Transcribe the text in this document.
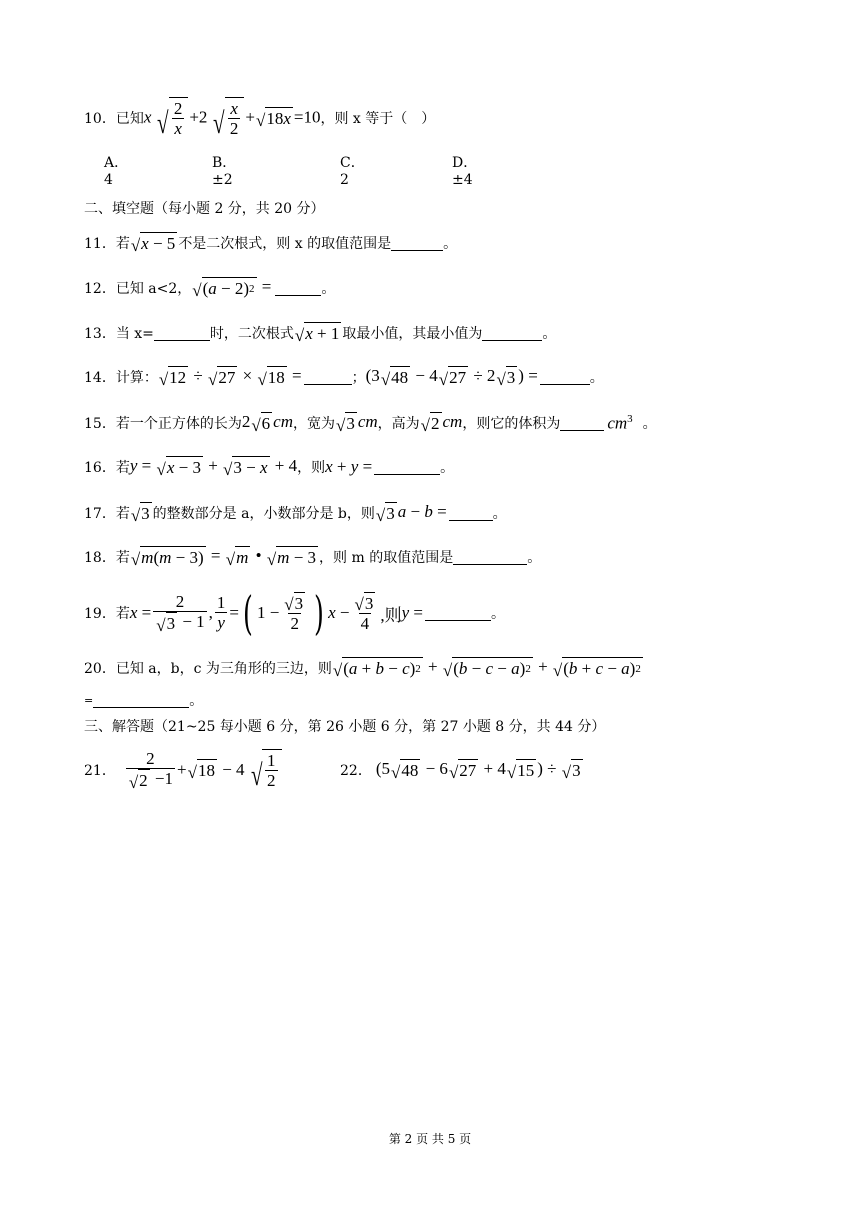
10．已知 x √ $\frac{2}{x} +2$ √ $\frac{x}{2}$ + √ 18 x =10 ，则 x 等于（　）
A．4
B．±2
C．2
D．±4
二、填空题（每小题 2 分，共 20 分）
11．若 √ x − 5 不是二次根式，则 x 的取值范围是	。
12．已知 a<2， √ ( a − 2) 2 =	。
13．当 x=	时，二次根式 √ x + 1 取最小值，其最小值为	。
14．计算： √ 12 ÷ √ 27 × √ 18 =	； (3 √ 48 − 4 √ 27 ÷ 2 √ 3 ) =	。
15．若一个正方体的长为 2 √ 6 cm ，宽为 √ 3 cm ，高为 √ 2 cm ，则它的体积为	$cm^3$ 。
16．若 y = √ x − 3 + √ 3 − x + 4 ，则 x + y =	。
17．若 √ 3 的整数部分是 a，小数部分是 b，则 √ 3 a − b =	。
18．若 √ m ( m − 3) = √ m • √ m − 3 ，则 m 的取值范围是	。
19．若 $x = \frac{2}{√ 3 - 1}$ , $\frac{1}{y}$ = ( $1 - \frac{√ 3}{2}$ ) $x - \frac{√ 3}{4}$ ,则 y =	。
20．已知 a，b，c 为三角形的三边，则 √ ( a + b − c ) 2 + √ ( b − c − a ) 2 + √ ( b + c − a ) 2
=	。
三、解答题（21~25 每小题 6 分，第 26 小题 6 分，第 27 小题 8 分，共 44 分）
21． $\frac{2}{√ 2 -1}$ + √ 18 − 4 √ $\frac{1}{2}$	22． (5 √ 48 − 6 √ 27 + 4 √ 15 ) ÷ √ 3
第 2 页 共 5 页
